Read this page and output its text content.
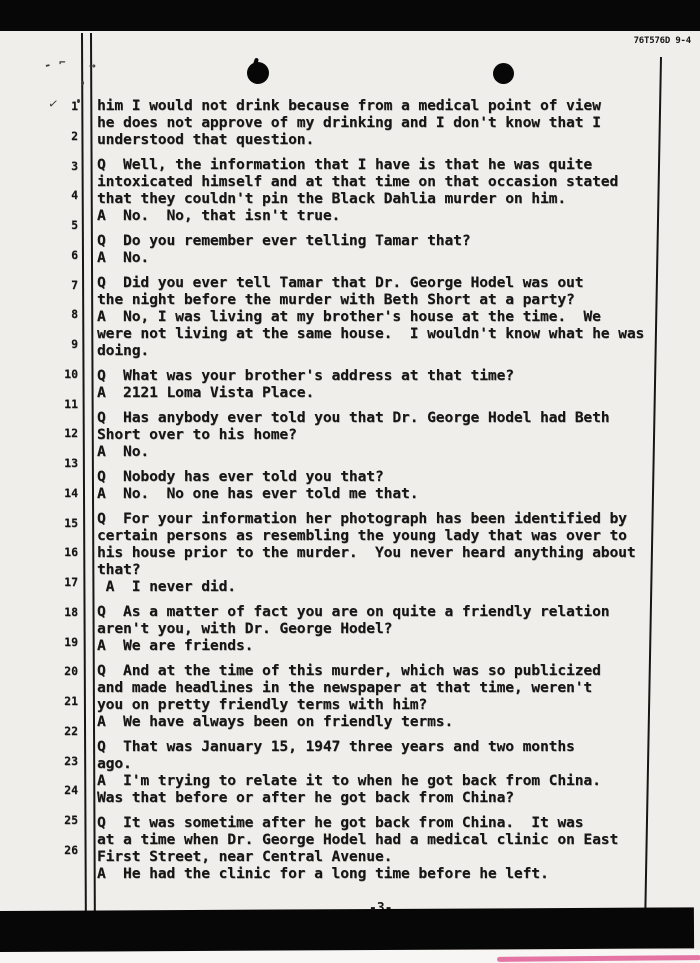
76T576D 9-4
- ⌐ →
✓	1
2
3
4
5
6
7
8
9
10
11
12
13
14
15
16
17
18
19
20
21
22
23
24
25
26
him I would not drink because from a medical point of view
he does not approve of my drinking and I don't know that I
understood that question.
Q  Well, the information that I have is that he was quite
intoxicated himself and at that time on that occasion stated
that they couldn't pin the Black Dahlia murder on him.
A  No.  No, that isn't true.
Q  Do you remember ever telling Tamar that?
A  No.
Q  Did you ever tell Tamar that Dr. George Hodel was out
the night before the murder with Beth Short at a party?
A  No, I was living at my brother's house at the time.  We
were not living at the same house.  I wouldn't know what he was
doing.
Q  What was your brother's address at that time?
A  2121 Loma Vista Place.
Q  Has anybody ever told you that Dr. George Hodel had Beth
Short over to his home?
A  No.
Q  Nobody has ever told you that?
A  No.  No one has ever told me that.
Q  For your information her photograph has been identified by
certain persons as resembling the young lady that was over to
his house prior to the murder.  You never heard anything about
that?
A  I never did.
Q  As a matter of fact you are on quite a friendly relation
aren't you, with Dr. George Hodel?
A  We are friends.
Q  And at the time of this murder, which was so publicized
and made headlines in the newspaper at that time, weren't
you on pretty friendly terms with him?
A  We have always been on friendly terms.
Q  That was January 15, 1947 three years and two months
ago.
A  I'm trying to relate it to when he got back from China.
Was that before or after he got back from China?
Q  It was sometime after he got back from China.  It was
at a time when Dr. George Hodel had a medical clinic on East
First Street, near Central Avenue.
A  He had the clinic for a long time before he left.
